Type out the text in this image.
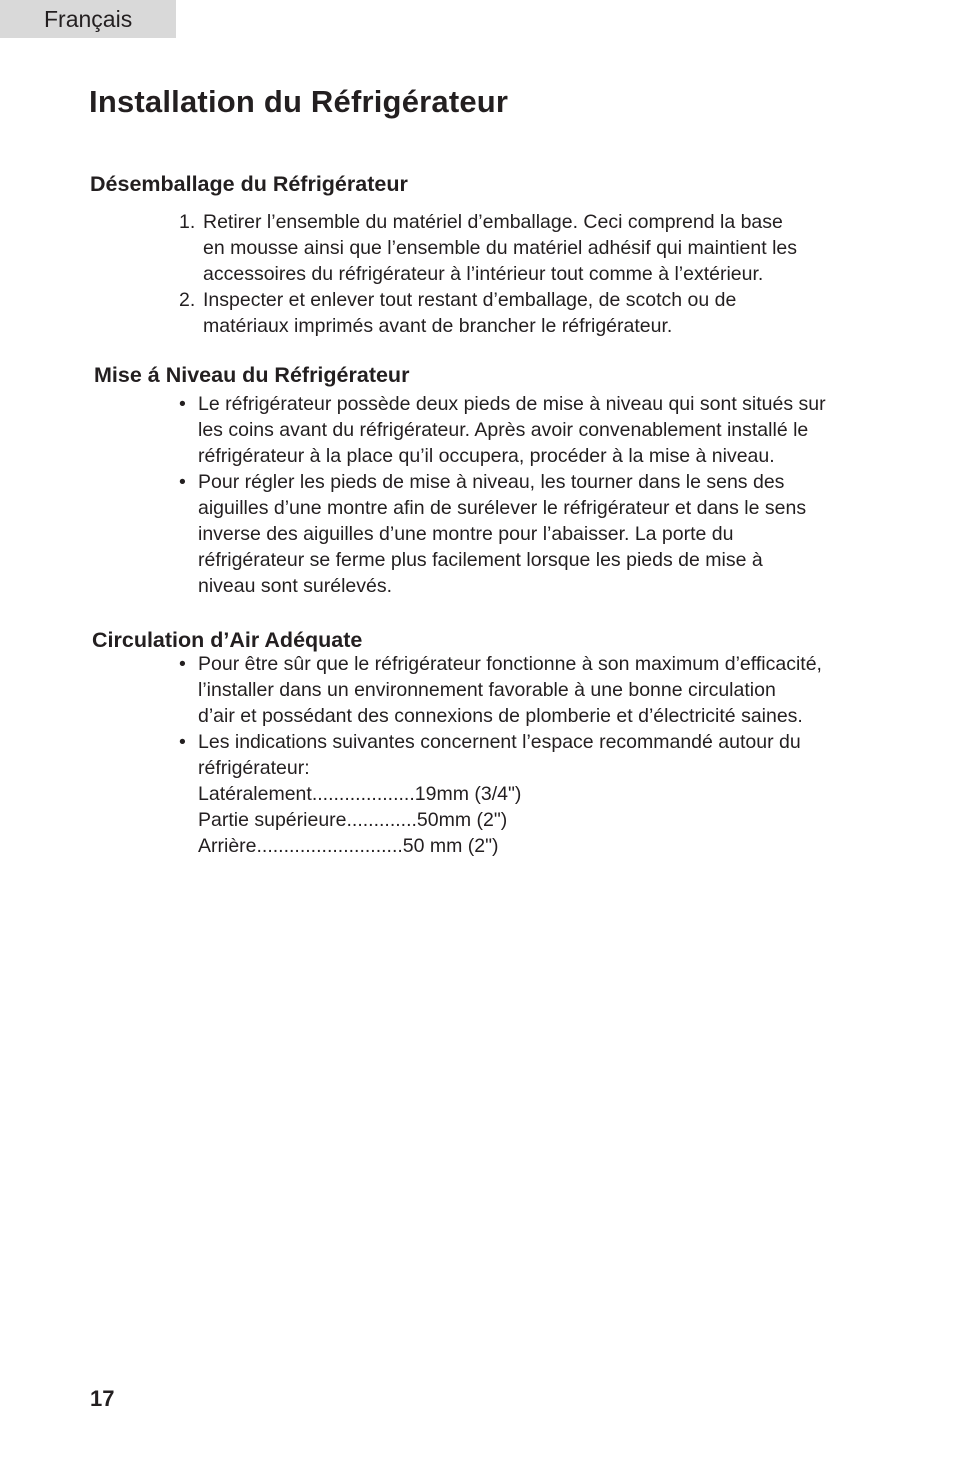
Français
Installation du Réfrigérateur
Désemballage du Réfrigérateur
1. Retirer l’ensemble du matériel d’emballage. Ceci comprend la base
en mousse ainsi que l’ensemble du matériel adhésif qui maintient les
accessoires du réfrigérateur à l’intérieur tout comme à l’extérieur.
2. Inspecter et enlever tout restant d’emballage, de scotch ou de
matériaux imprimés avant de brancher le réfrigérateur.
Mise á Niveau du Réfrigérateur
• Le réfrigérateur possède deux pieds de mise à niveau qui sont situés sur
les coins avant du réfrigérateur. Après avoir convenablement installé le
réfrigérateur à la place qu’il occupera, procéder à la mise à niveau.
• Pour régler les pieds de mise à niveau, les tourner dans le sens des
aiguilles d’une montre afin de surélever le réfrigérateur et dans le sens
inverse des aiguilles d’une montre pour l’abaisser. La porte du
réfrigérateur se ferme plus facilement lorsque les pieds de mise à
niveau sont surélevés.
Circulation d’Air Adéquate
• Pour être sûr que le réfrigérateur fonctionne à son maximum d’efficacité,
l’installer dans un environnement favorable à une bonne circulation
d’air et possédant des connexions de plomberie et d’électricité saines.
• Les indications suivantes concernent l’espace recommandé autour du
réfrigérateur:
Latéralement...................19mm (3/4")
Partie supérieure.............50mm (2")
Arrière...........................50 mm (2")
17
